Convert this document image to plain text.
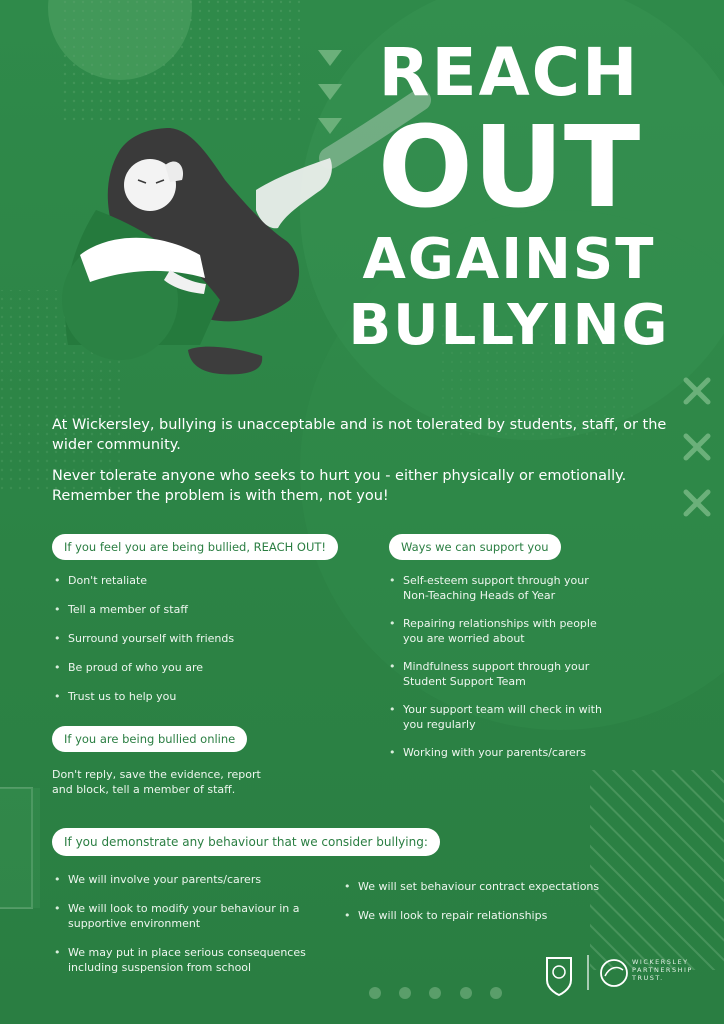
REACH
OUT
AGAINST
BULLYING

At Wickersley, bullying is unacceptable and is not tolerated by students, staff, or the wider community.

Never tolerate anyone who seeks to hurt you - either physically or emotionally. Remember the problem is with them, not you!

If you feel you are being bullied, REACH OUT!
• Don't retaliate
• Tell a member of staff
• Surround yourself with friends
• Be proud of who you are
• Trust us to help you
Ways we can support you
• Self-esteem support through your Non-Teaching Heads of Year
• Repairing relationships with people you are worried about
• Mindfulness support through your Student Support Team
• Your support team will check in with you regularly
• Working with your parents/carers
If you are being bullied online

Don't reply, save the evidence, report
and block, tell a member of staff.

If you demonstrate any behaviour that we consider bullying:
• We will involve your parents/carers
• We will look to modify your behaviour in a supportive environment
• We may put in place serious consequences including suspension from school
• We will set behaviour contract expectations
• We will look to repair relationships
WICKERSLEY
PARTNERSHIP
TRUST.
